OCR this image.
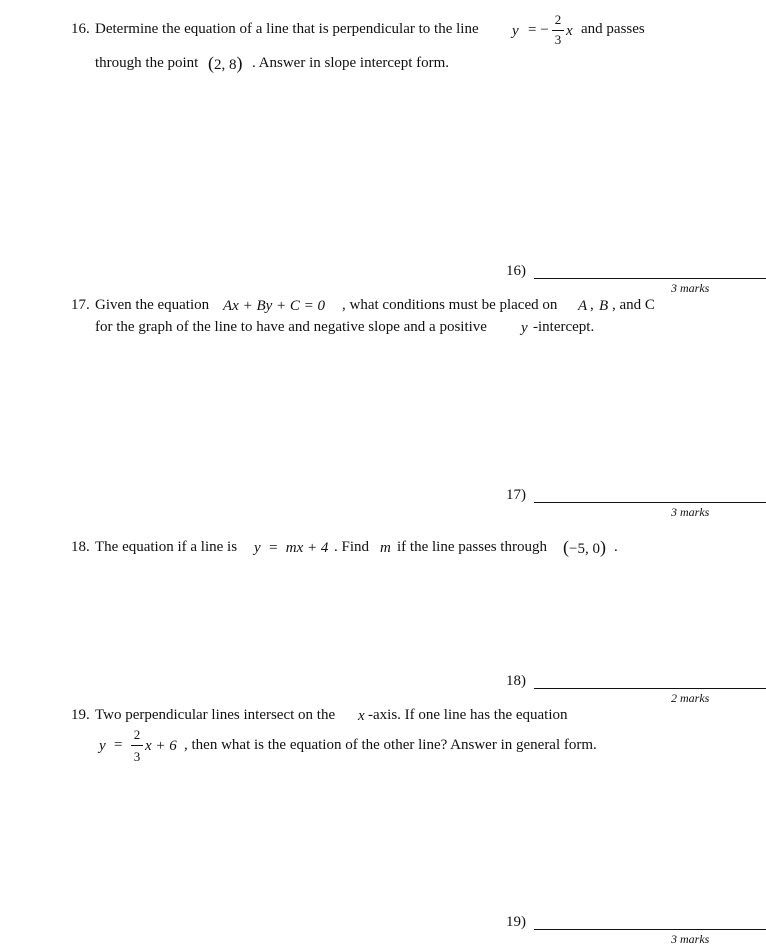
16. Determine the equation of a line that is perpendicular to the line y = −
2
3
x and passes
through the point (2, 8) . Answer in slope intercept form.
16)
3 marks
17. Given the equation Ax + By + C = 0 , what conditions must be placed on A , B , and C
for the graph of the line to have and negative slope and a positive y -intercept.
17)
3 marks
18. The equation if a line is y  =  mx + 4 . Find m if the line passes through (−5, 0) .
18)
2 marks
19. Two perpendicular lines intersect on the x -axis. If one line has the equation
y =
2
3
x + 6 , then what is the equation of the other line? Answer in general form.
19)
3 marks
